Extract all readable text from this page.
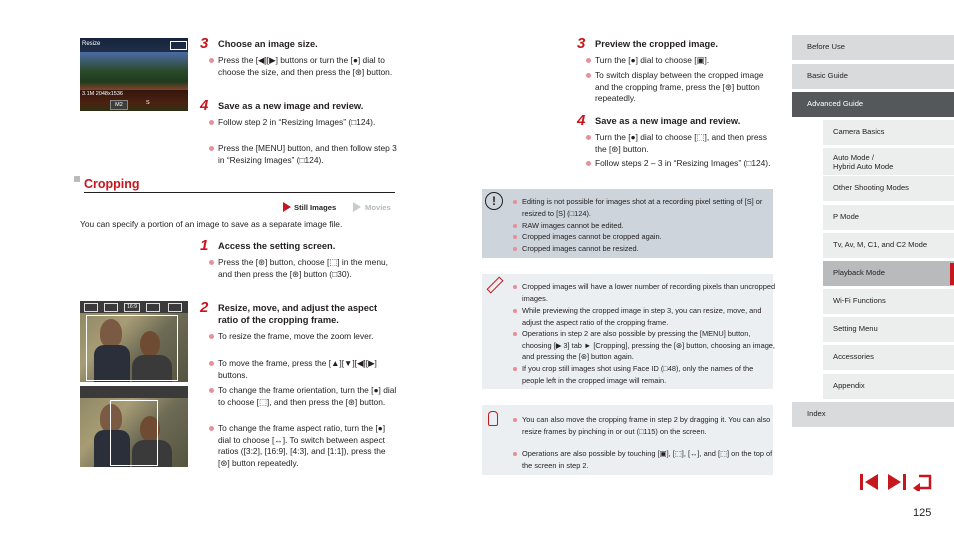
Resize
3.1M 2048x1536
M2	S
3 Choose an image size.
Press the [◀][▶] buttons or turn the [●] dial to choose the size, and then press the [⊛] button.
4 Save as a new image and review.
Follow step 2 in “Resizing Images” (□124).
Press the [MENU] button, and then follow step 3 in “Resizing Images” (□124).
Cropping
Still Images	Movies
You can specify a portion of an image to save as a separate image file.
1 Access the setting screen.
Press the [⊛] button, choose [⬚] in the menu, and then press the [⊛] button (□30).
16:9	2 Resize, move, and adjust the aspect ratio of the cropping frame.
To resize the frame, move the zoom lever.
To move the frame, press the [▲][▼][◀][▶] buttons.
To change the frame orientation, turn the [●] dial to choose [⬚], and then press the [⊛] button.
To change the frame aspect ratio, turn the [●] dial to choose [↔]. To switch between aspect ratios ([3:2], [16:9], [4:3], and [1:1]), press the [⊛] button repeatedly.
3 Preview the cropped image.
Turn the [●] dial to choose [▣].
To switch display between the cropped image and the cropping frame, press the [⊛] button repeatedly.
4 Save as a new image and review.
Turn the [●] dial to choose [⬚], and then press the [⊛] button.
Follow steps 2 – 3 in “Resizing Images” (□124).
!	Editing is not possible for images shot at a recording pixel setting of [S] or resized to [S] (□124).
RAW images cannot be edited.
Cropped images cannot be cropped again.
Cropped images cannot be resized.
Cropped images will have a lower number of recording pixels than uncropped images.
While previewing the cropped image in step 3, you can resize, move, and adjust the aspect ratio of the cropping frame.
Operations in step 2 are also possible by pressing the [MENU] button, choosing [▶ 3] tab ► [Cropping], pressing the [⊛] button, choosing an image, and pressing the [⊛] button again.
If you crop still images shot using Face ID (□48), only the names of the people left in the cropped image will remain.
You can also move the cropping frame in step 2 by dragging it. You can also resize frames by pinching in or out (□115) on the screen.
Operations are also possible by touching [▣], [⬚], [↔], and [⬚] on the top of the screen in step 2.
Before Use
Basic Guide
Advanced Guide
Camera Basics
Auto Mode /
Hybrid Auto Mode
Other Shooting Modes
P Mode
Tv, Av, M, C1, and C2 Mode
Playback Mode
Wi-Fi Functions
Setting Menu
Accessories
Appendix
Index
125
